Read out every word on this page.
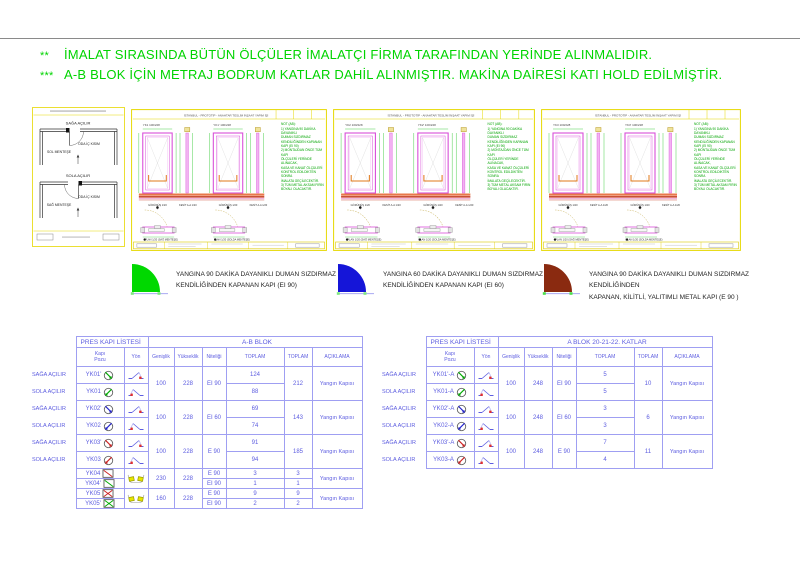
** İMALAT SIRASINDA BÜTÜN ÖLÇÜLER İMALATÇI FİRMA TARAFINDAN YERİNDE ALINMALIDIR.
*** A-B BLOK İÇİN METRAJ BODRUM KATLAR DAHİL ALINMIŞTIR. MAKİNA DAİRESİ KATI HOLD EDİLMİŞTİR.
SAĞA AÇILIR
ODA İÇ KISIM
SOL MENTEŞE
SOLA AÇILIR
ODA İÇ KISIM
SAĞ MENTEŞE
İSTANBUL - PROTOTİP - ANAHTAR TESLİM İNŞAAT YAPIM İŞİ
YK1 100/228	YK1' 100/228
GÖRÜNÜŞ 1/20	KESİT A-A 1/20	GÖRÜNÜŞ 1/20	KESİT A-A 1/20
PLAN 1/20 (SAĞ MENTEŞE)	PLAN 1/20 (SOLDA MENTEŞE)
NOT (AB):
1) YANGINA 90 DAKİKA DAYANIKLI
DUMAN SIZDIRMAZ
KENDİLİĞİNDEN KAPANAN KAPI (EI 90)
2) MONTAJDAN ÖNCE TÜM KAPI
ÖLÇÜLERİ YERİNDE ALINACAK,
KASA VE KANAT ÖLÇÜLERİ
KONTROL EDİLDİKTEN SONRA
İMALATA GEÇİLECEKTİR.
3) TÜM METAL AKSAM FIRIN
BOYALI OLACAKTIR.
İSTANBUL - PROTOTİP - ANAHTAR TESLİM İNŞAAT YAPIM İŞİ
YK2 100/228	YK2' 100/228
GÖRÜNÜŞ 1/20	KESİT A-A 1/20	GÖRÜNÜŞ 1/20	KESİT A-A 1/20
PLAN 1/20 (SAĞ MENTEŞE)	PLAN 1/20 (SOLDA MENTEŞE)
NOT (AB):
1) YANGINA 90 DAKİKA DAYANIKLI
DUMAN SIZDIRMAZ
KENDİLİĞİNDEN KAPANAN KAPI (EI 90)
2) MONTAJDAN ÖNCE TÜM KAPI
ÖLÇÜLERİ YERİNDE ALINACAK,
KASA VE KANAT ÖLÇÜLERİ
KONTROL EDİLDİKTEN SONRA
İMALATA GEÇİLECEKTİR.
3) TÜM METAL AKSAM FIRIN
BOYALI OLACAKTIR.
İSTANBUL - PROTOTİP - ANAHTAR TESLİM İNŞAAT YAPIM İŞİ
YK3 100/228	YK3' 100/228
GÖRÜNÜŞ 1/20	KESİT A-A 1/20	GÖRÜNÜŞ 1/20	KESİT A-A 1/20
PLAN 1/20 (SAĞ MENTEŞE)	PLAN 1/20 (SOLDA MENTEŞE)
NOT (AB):
1) YANGINA 90 DAKİKA DAYANIKLI
DUMAN SIZDIRMAZ
KENDİLİĞİNDEN KAPANAN KAPI (EI 90)
2) MONTAJDAN ÖNCE TÜM KAPI
ÖLÇÜLERİ YERİNDE ALINACAK,
KASA VE KANAT ÖLÇÜLERİ
KONTROL EDİLDİKTEN SONRA
İMALATA GEÇİLECEKTİR.
3) TÜM METAL AKSAM FIRIN
BOYALI OLACAKTIR.
YANGINA 90 DAKİKA DAYANIKLI DUMAN SIZDIRMAZ
KENDİLİĞİNDEN KAPANAN KAPI (EI 90)
YANGINA 60 DAKİKA DAYANIKLI DUMAN SIZDIRMAZ
KENDİLİĞİNDEN KAPANAN KAPI (EI 60)
YANGINA 90 DAKİKA DAYANIKLI DUMAN SIZDIRMAZ KENDİLİĞİNDEN
KAPANAN, KİLİTLİ, YALITIMLI METAL KAPI (E 90 )
	PRES KAPI LİSTESİ		A-B BLOK					
	Kapı
Pozu	Yön	Genişlik	Yükseklik	Niteliği	TOPLAM	TOPLAM	AÇIKLAMA
SAĞA AÇILIR	YK01'		100	228	EI 90	124	212	Yangın Kapısı
SOLA AÇILIR	YK01					88		
SAĞA AÇILIR	YK02'		100	228	EI 60	69	143	Yangın Kapısı
SOLA AÇILIR	YK02					74		
SAĞA AÇILIR	YK03'		100	228	E 90	91	185	Yangın Kapısı
SOLA AÇILIR	YK03					94		
	YK04		230	228	E 90	3	3	Yangın Kapısı
	YK04'				EI 90	1	1	
	YK05		160	228	E 90	9	9	Yangın Kapısı
	YK05'				EI 90	2	2	
	PRES KAPI LİSTESİ		A BLOK 20-21-22. KATLAR					
	Kapı
Pozu	Yön	Genişlik	Yükseklik	Niteliği	TOPLAM	TOPLAM	AÇIKLAMA
SAĞA AÇILIR	YK01'-A		100	248	EI 90	5	10	Yangın Kapısı
SOLA AÇILIR	YK01-A					5		
SAĞA AÇILIR	YK02'-A		100	248	EI 60	3	6	Yangın Kapısı
SOLA AÇILIR	YK02-A					3		
SAĞA AÇILIR	YK03'-A		100	248	E 90	7	11	Yangın Kapısı
SOLA AÇILIR	YK03-A					4		
